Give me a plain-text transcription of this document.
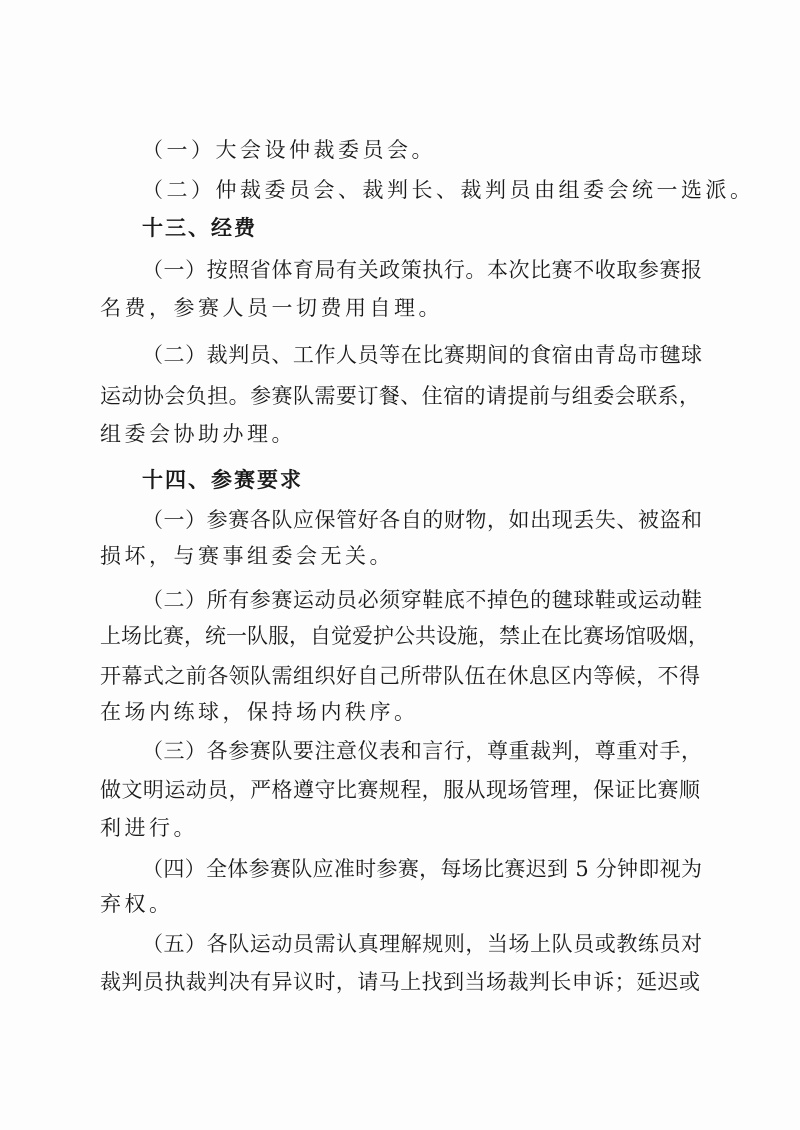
（一）大会设仲裁委员会。
（二）仲裁委员会、裁判长、裁判员由组委会统一选派。
十三、经费
（一）按照省体育局有关政策执行。本次比赛不收取参赛报
名费，参赛人员一切费用自理。
（二）裁判员、工作人员等在比赛期间的食宿由青岛市毽球
运动协会负担。参赛队需要订餐、住宿的请提前与组委会联系，
组委会协助办理。
十四、参赛要求
（一）参赛各队应保管好各自的财物，如出现丢失、被盗和
损坏，与赛事组委会无关。
（二）所有参赛运动员必须穿鞋底不掉色的毽球鞋或运动鞋
上场比赛，统一队服，自觉爱护公共设施，禁止在比赛场馆吸烟，
开幕式之前各领队需组织好自己所带队伍在休息区内等候，不得
在场内练球，保持场内秩序。
（三）各参赛队要注意仪表和言行，尊重裁判，尊重对手，
做文明运动员，严格遵守比赛规程，服从现场管理，保证比赛顺
利进行。
（四）全体参赛队应准时参赛，每场比赛迟到 5 分钟即视为
弃权。
（五）各队运动员需认真理解规则，当场上队员或教练员对
裁判员执裁判决有异议时，请马上找到当场裁判长申诉；延迟或
